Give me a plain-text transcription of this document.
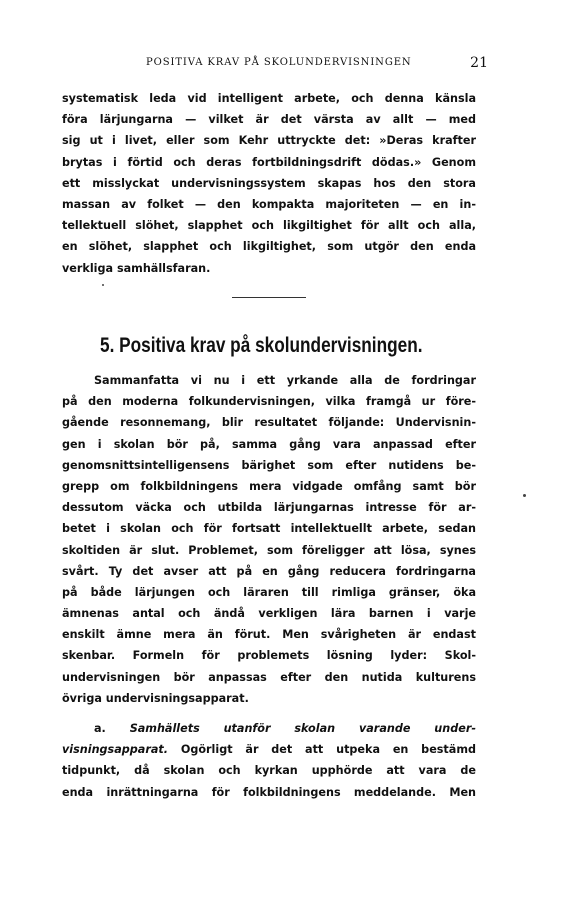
POSITIVA KRAV PÅ SKOLUNDERVISNINGEN	21
systematisk leda vid intelligent arbete, och denna känsla
föra lärjungarna — vilket är det värsta av allt — med
sig ut i livet, eller som Kehr uttryckte det: »Deras krafter
brytas i förtid och deras fortbildningsdrift dödas.» Genom
ett misslyckat undervisningssystem skapas hos den stora
massan av folket — den kompakta majoriteten — en in-
tellektuell slöhet, slapphet och likgiltighet för allt och alla,
en slöhet, slapphet och likgiltighet, som utgör den enda
verkliga samhällsfaran.
5. Positiva krav på skolundervisningen.
Sammanfatta vi nu i ett yrkande alla de fordringar
på den moderna folkundervisningen, vilka framgå ur före-
gående resonnemang, blir resultatet följande: Undervisnin-
gen i skolan bör på, samma gång vara anpassad efter
genomsnittsintelligensens bärighet som efter nutidens be-
grepp om folkbildningens mera vidgade omfång samt bör
dessutom väcka och utbilda lärjungarnas intresse för ar-
betet i skolan och för fortsatt intellektuellt arbete, sedan
skoltiden är slut. Problemet, som föreligger att lösa, synes
svårt. Ty det avser att på en gång reducera fordringarna
på både lärjungen och läraren till rimliga gränser, öka
ämnenas antal och ändå verkligen lära barnen i varje
enskilt ämne mera än förut. Men svårigheten är endast
skenbar. Formeln för problemets lösning lyder: Skol-
undervisningen bör anpassas efter den nutida kulturens
övriga undervisningsapparat.
a. Samhällets utanför skolan varande under-
visningsapparat. Ogörligt är det att utpeka en bestämd
tidpunkt, då skolan och kyrkan upphörde att vara de
enda inrättningarna för folkbildningens meddelande. Men
